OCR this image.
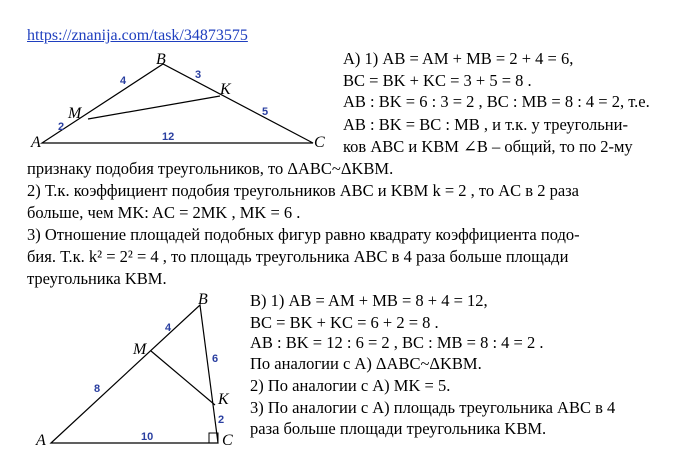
https://znanija.com/task/34873575
B
K
M
A	C
4	3
5
2
12
B
M
K
A	C
4
6
2
8
10
А) 1) AB = AM + MB = 2 + 4 = 6,
BC = BK + KC = 3 + 5 = 8 .
AB : BK = 6 : 3 = 2 , BC : MB = 8 : 4 = 2, т.е.
AB : BK = BC : MB , и т.к. у треугольни-
ков ABC и KBM ∠B – общий, то по 2-му
признаку подобия треугольников, то ΔABC~ΔKBM.
2) Т.к. коэффициент подобия треугольников ABC и KBM k = 2 , то AC в 2 раза
больше, чем MK: AC = 2MK , MK = 6 .
3) Отношение площадей подобных фигур равно квадрату коэффициента подо-
бия. Т.к. k² = 2² = 4 , то площадь треугольника ABC в 4 раза больше площади
треугольника KBM.
В) 1) AB = AM + MB = 8 + 4 = 12,
BC = BK + KC = 6 + 2 = 8 .
AB : BK = 12 : 6 = 2 , BC : MB = 8 : 4 = 2 .
По аналогии с А) ΔABC~ΔKBM.
2) По аналогии с А) MK = 5.
3) По аналогии с А) площадь треугольника ABC в 4
раза больше площади треугольника KBM.
